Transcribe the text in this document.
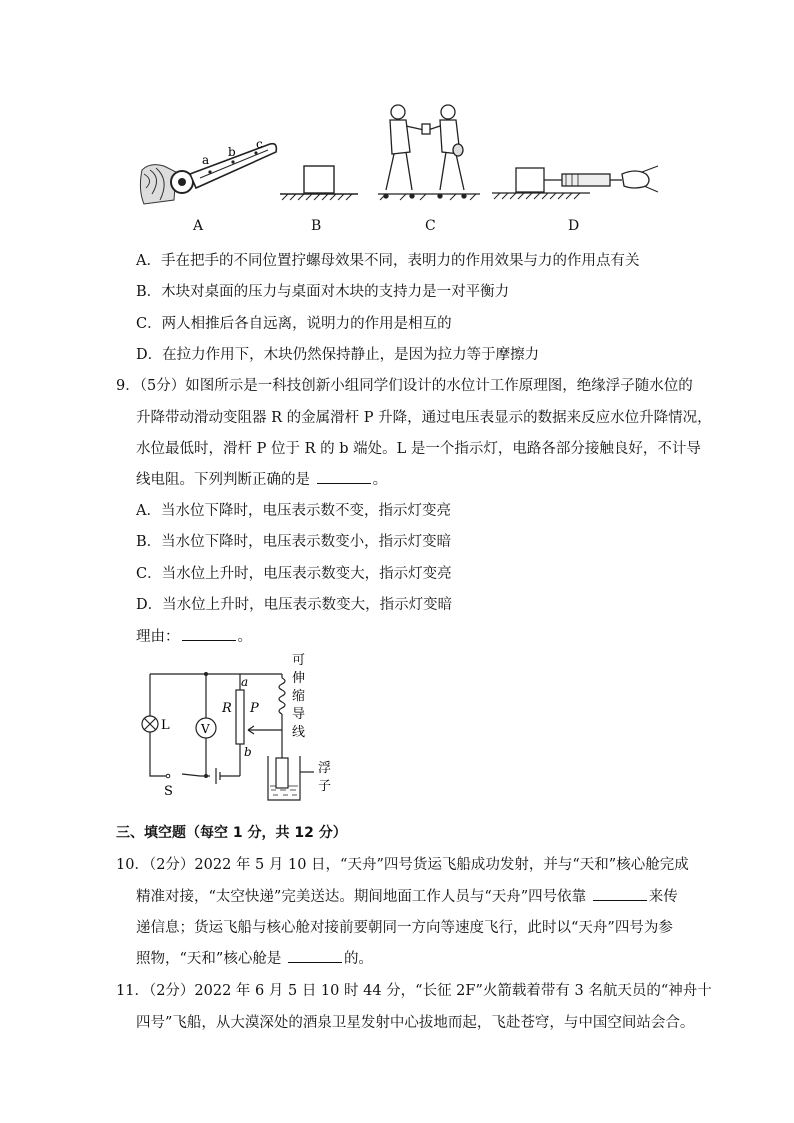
a
b
c
A	B	C	D
A．手在把手的不同位置拧螺母效果不同，表明力的作用效果与力的作用点有关
B．木块对桌面的压力与桌面对木块的支持力是一对平衡力
C．两人相推后各自远离，说明力的作用是相互的
D．在拉力作用下，木块仍然保持静止，是因为拉力等于摩擦力
9．（5分）如图所示是一科技创新小组同学们设计的水位计工作原理图，绝缘浮子随水位的
升降带动滑动变阻器 R 的金属滑杆 P 升降，通过电压表显示的数据来反应水位升降情况，
水位最低时，滑杆 P 位于 R 的 b 端处。L 是一个指示灯，电路各部分接触良好，不计导
线电阻。下列判断正确的是	。
A．当水位下降时，电压表示数不变，指示灯变亮
B．当水位下降时，电压表示数变小，指示灯变暗
C．当水位上升时，电压表示数变大，指示灯变亮
D．当水位上升时，电压表示数变大，指示灯变暗
理由：	。
V
L
R P
a
b
S
可
伸
缩
导
线
浮
子
三、填空题（每空 1 分，共 12 分）
10．（2分）2022 年 5 月 10 日，“天舟”四号货运飞船成功发射，并与“天和”核心舱完成
精准对接，“太空快递”完美送达。期间地面工作人员与“天舟”四号依靠	来传
递信息；货运飞船与核心舱对接前要朝同一方向等速度飞行，此时以“天舟”四号为参
照物，“天和”核心舱是	的。
11．（2分）2022 年 6 月 5 日 10 时 44 分，“长征 2F”火箭载着带有 3 名航天员的“神舟十
四号”飞船，从大漠深处的酒泉卫星发射中心拔地而起，飞赴苍穹，与中国空间站会合。
